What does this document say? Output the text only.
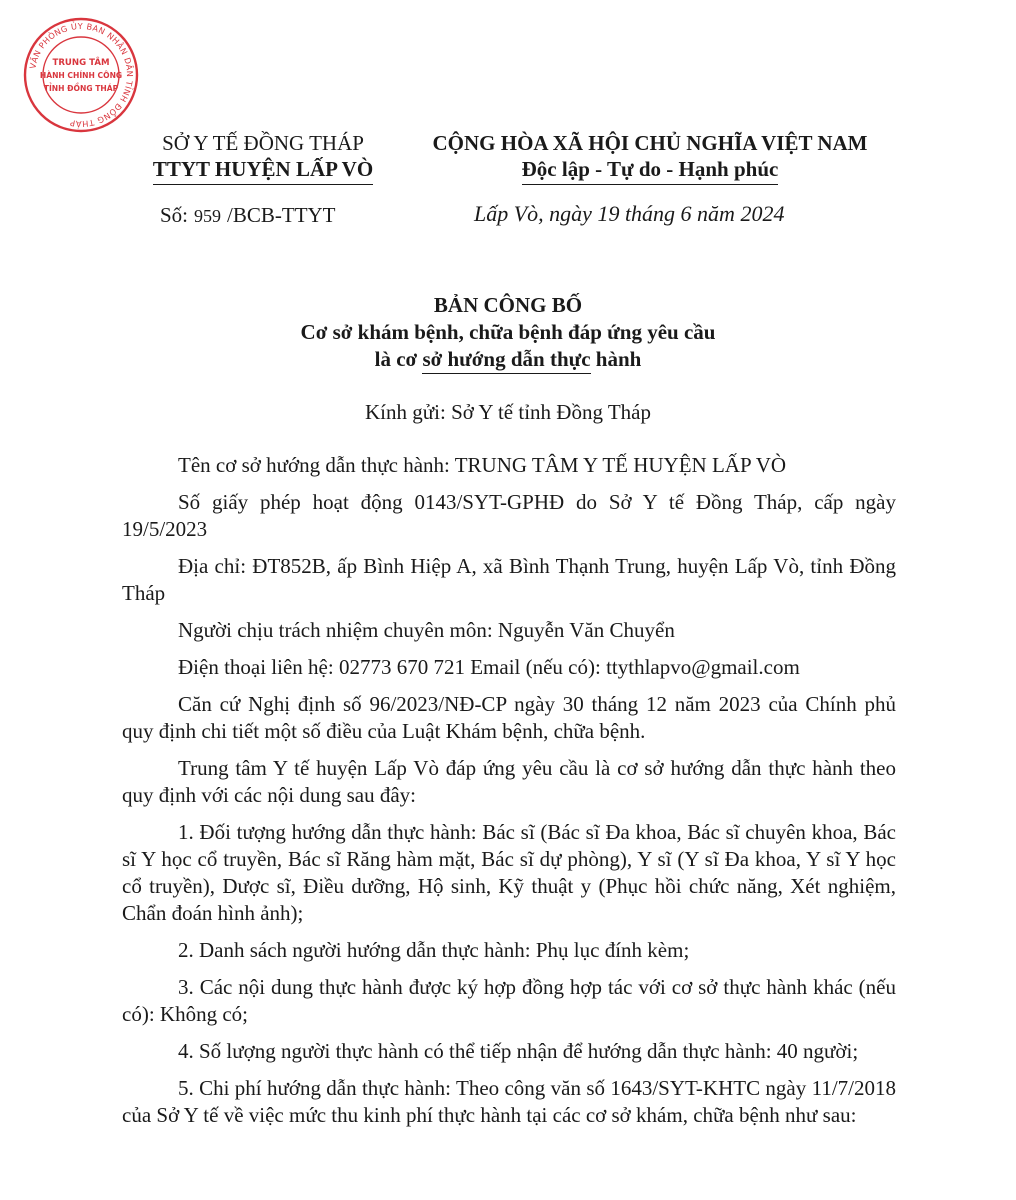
VĂN PHÒNG ỦY BAN NHÂN DÂN TỈNH ĐỒNG THÁP
TRUNG TÂM
HÀNH CHÍNH CÔNG
TỈNH ĐỒNG THÁP
SỞ Y TẾ ĐỒNG THÁP
TTYT HUYỆN LẤP VÒ
CỘNG HÒA XÃ HỘI CHỦ NGHĨA VIỆT NAM
Độc lập - Tự do - Hạnh phúc
Số: 959 /BCB-TTYT	Lấp Vò, ngày 19 tháng 6 năm 2024
BẢN CÔNG BỐ
Cơ sở khám bệnh, chữa bệnh đáp ứng yêu cầu
là cơ sở hướng dẫn thực hành
Kính gửi: Sở Y tế tỉnh Đồng Tháp

Tên cơ sở hướng dẫn thực hành: TRUNG TÂM Y TẾ HUYỆN LẤP VÒ

Số giấy phép hoạt động 0143/SYT-GPHĐ do Sở Y tế Đồng Tháp, cấp ngày 19/5/2023

Địa chỉ: ĐT852B, ấp Bình Hiệp A, xã Bình Thạnh Trung, huyện Lấp Vò, tỉnh Đồng Tháp

Người chịu trách nhiệm chuyên môn: Nguyễn Văn Chuyển

Điện thoại liên hệ: 02773 670 721 Email (nếu có): ttythlapvo@gmail.com

Căn cứ Nghị định số 96/2023/NĐ-CP ngày 30 tháng 12 năm 2023 của Chính phủ quy định chi tiết một số điều của Luật Khám bệnh, chữa bệnh.

Trung tâm Y tế huyện Lấp Vò đáp ứng yêu cầu là cơ sở hướng dẫn thực hành theo quy định với các nội dung sau đây:

1. Đối tượng hướng dẫn thực hành: Bác sĩ (Bác sĩ Đa khoa, Bác sĩ chuyên khoa, Bác sĩ Y học cổ truyền, Bác sĩ Răng hàm mặt, Bác sĩ dự phòng), Y sĩ (Y sĩ Đa khoa, Y sĩ Y học cổ truyền), Dược sĩ, Điều dưỡng, Hộ sinh, Kỹ thuật y (Phục hồi chức năng, Xét nghiệm, Chẩn đoán hình ảnh);

2. Danh sách người hướng dẫn thực hành: Phụ lục đính kèm;

3. Các nội dung thực hành được ký hợp đồng hợp tác với cơ sở thực hành khác (nếu có): Không có;

4. Số lượng người thực hành có thể tiếp nhận để hướng dẫn thực hành: 40 người;

5. Chi phí hướng dẫn thực hành: Theo công văn số 1643/SYT-KHTC ngày 11/7/2018 của Sở Y tế về việc mức thu kinh phí thực hành tại các cơ sở khám, chữa bệnh như sau:
